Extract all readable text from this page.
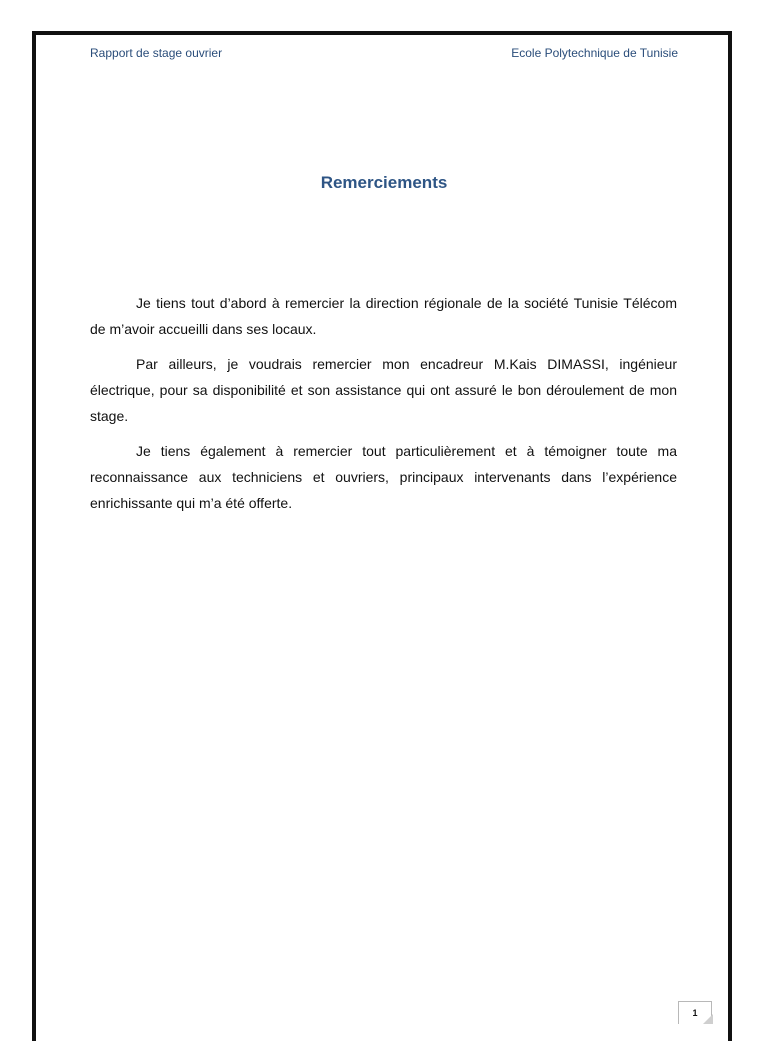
Rapport de stage ouvrier	Ecole Polytechnique de Tunisie
Remerciements

Je tiens tout d’abord à remercier la direction régionale de la société Tunisie Télécom de m’avoir accueilli dans ses locaux.

Par ailleurs, je voudrais remercier mon encadreur M.Kais DIMASSI, ingénieur électrique, pour sa disponibilité et son assistance qui ont assuré le bon déroulement de mon stage.

Je tiens également à remercier tout particulièrement et à témoigner toute ma reconnaissance aux techniciens et ouvriers, principaux intervenants dans l’expérience enrichissante qui m’a été offerte.

1
